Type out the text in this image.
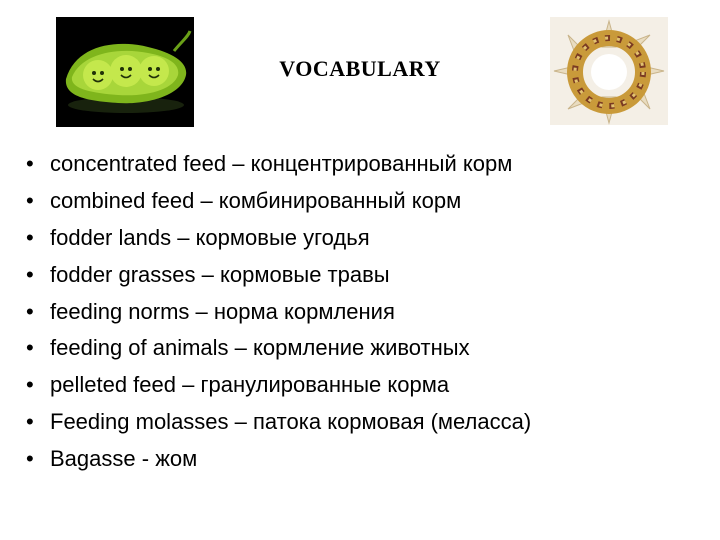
VOCABULARY
• concentrated feed – концентрированный корм
• combined feed – комбинированный корм
• fodder lands – кормовые угодья
• fodder grasses – кормовые травы
• feeding norms – норма кормления
• feeding of animals – кормление животных
• pelleted feed – гранулированные корма
• Feeding molasses – патока кормовая (меласса)
• Bagasse - жом
